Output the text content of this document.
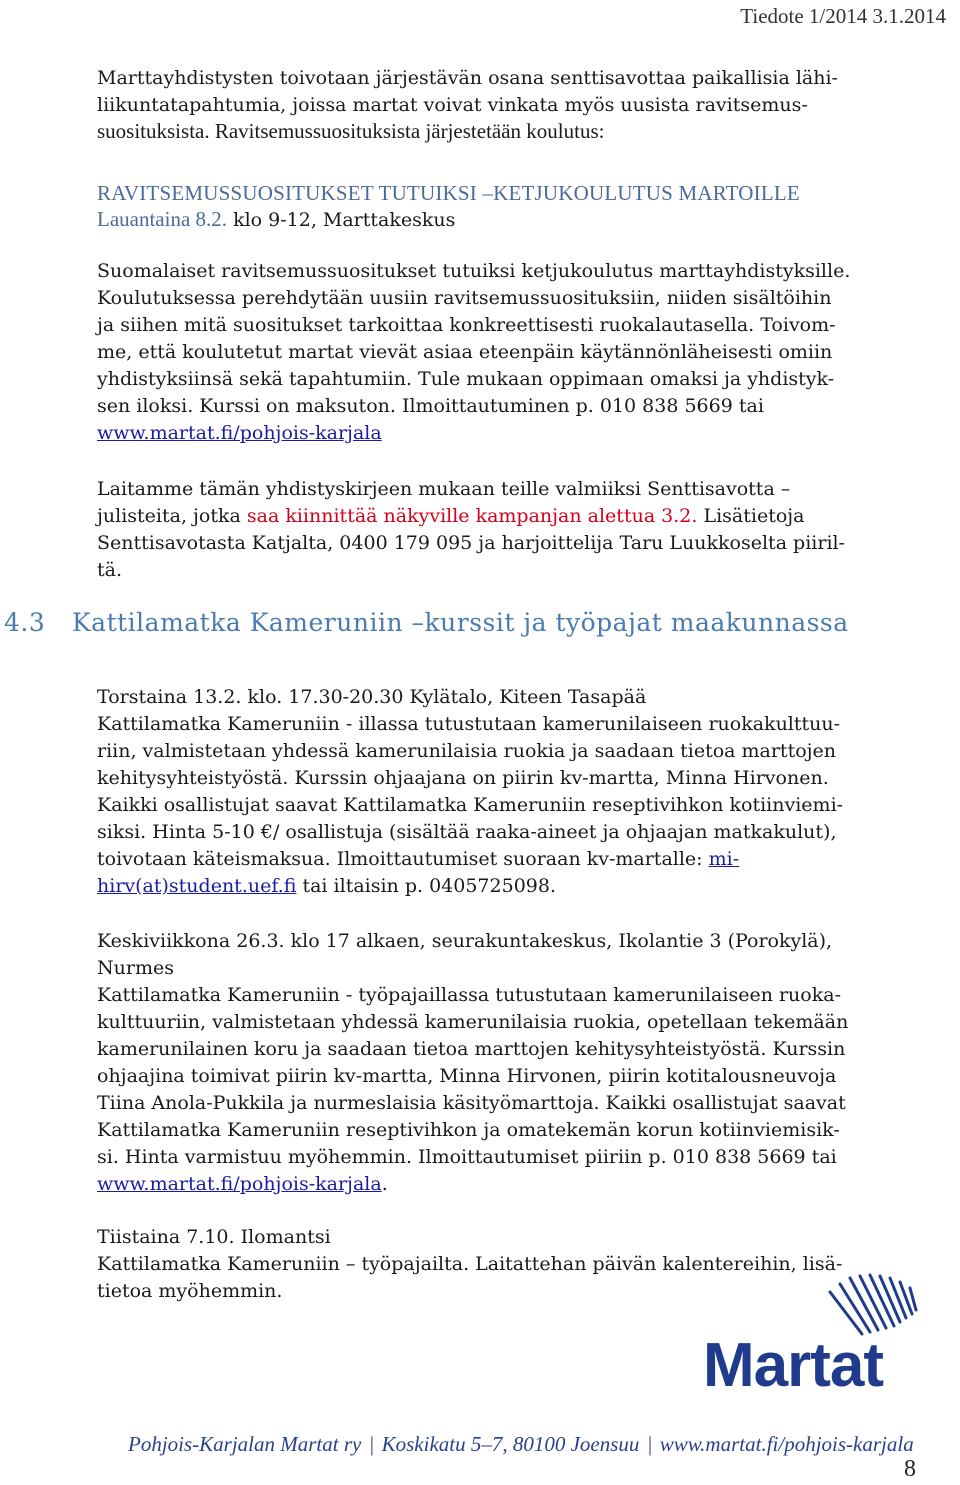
Tiedote 1/2014 3.1.2014
Marttayhdistysten toivotaan järjestävän osana senttisavottaa paikallisia lähi-
liikuntatapahtumia, joissa martat voivat vinkata myös uusista ravitsemus-
suosituksista. Ravitsemussuosituksista järjestetään koulutus:
RAVITSEMUSSUOSITUKSET TUTUIKSI –KETJUKOULUTUS MARTOILLE
Lauantaina 8.2. klo 9-12, Marttakeskus
Suomalaiset ravitsemussuositukset tutuiksi ketjukoulutus marttayhdistyksille.
Koulutuksessa perehdytään uusiin ravitsemussuosituksiin, niiden sisältöihin
ja siihen mitä suositukset tarkoittaa konkreettisesti ruokalautasella. Toivom-
me, että koulutetut martat vievät asiaa eteenpäin käytännönläheisesti omiin
yhdistyksiinsä sekä tapahtumiin. Tule mukaan oppimaan omaksi ja yhdistyk-
sen iloksi. Kurssi on maksuton. Ilmoittautuminen p. 010 838 5669 tai
www.martat.fi/pohjois-karjala
Laitamme tämän yhdistyskirjeen mukaan teille valmiiksi Senttisavotta –
julisteita, jotka saa kiinnittää näkyville kampanjan alettua 3.2. Lisätietoja
Senttisavotasta Katjalta, 0400 179 095 ja harjoittelija Taru Luukkoselta piiril-
tä.
4.3 Kattilamatka Kameruniin –kurssit ja työpajat maakunnassa
Torstaina 13.2. klo. 17.30-20.30 Kylätalo, Kiteen Tasapää
Kattilamatka Kameruniin - illassa tutustutaan kamerunilaiseen ruokakulttuu-
riin, valmistetaan yhdessä kamerunilaisia ruokia ja saadaan tietoa marttojen
kehitysyhteistyöstä. Kurssin ohjaajana on piirin kv-martta, Minna Hirvonen.
Kaikki osallistujat saavat Kattilamatka Kameruniin reseptivihkon kotiinviemi-
siksi. Hinta 5-10 €/ osallistuja (sisältää raaka-aineet ja ohjaajan matkakulut),
toivotaan käteismaksua. Ilmoittautumiset suoraan kv-martalle: mi-
hirv(at)student.uef.fi tai iltaisin p. 0405725098.
Keskiviikkona 26.3. klo 17 alkaen, seurakuntakeskus, Ikolantie 3 (Porokylä),
Nurmes
Kattilamatka Kameruniin - työpajaillassa tutustutaan kamerunilaiseen ruoka-
kulttuuriin, valmistetaan yhdessä kamerunilaisia ruokia, opetellaan tekemään
kamerunilainen koru ja saadaan tietoa marttojen kehitysyhteistyöstä. Kurssin
ohjaajina toimivat piirin kv-martta, Minna Hirvonen, piirin kotitalousneuvoja
Tiina Anola-Pukkila ja nurmeslaisia käsityömarttoja. Kaikki osallistujat saavat
Kattilamatka Kameruniin reseptivihkon ja omatekemän korun kotiinviemisik-
si. Hinta varmistuu myöhemmin. Ilmoittautumiset piiriin p. 010 838 5669 tai
www.martat.fi/pohjois-karjala.
Tiistaina 7.10. Ilomantsi
Kattilamatka Kameruniin – työpajailta. Laitattehan päivän kalentereihin, lisä-
tietoa myöhemmin.
Martat
Pohjois-Karjalan Martat ry | Koskikatu 5–7, 80100 Joensuu | www.martat.fi/pohjois-karjala
8
